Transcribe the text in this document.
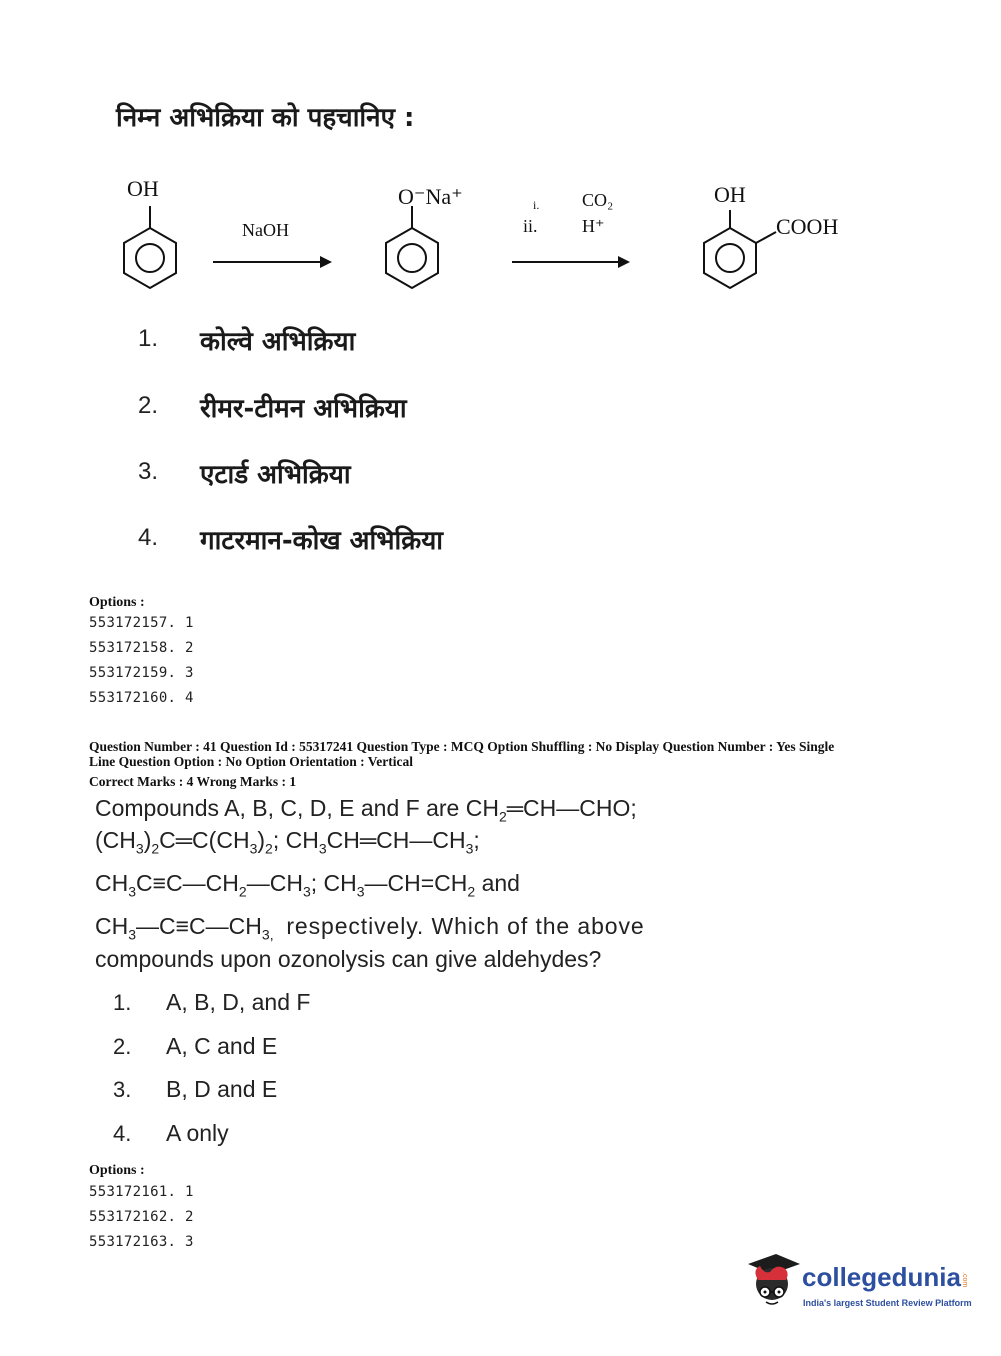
निम्न अभिक्रिया को पहचानिए :
OH
NaOH
O⁻Na⁺	i.
ii.
CO₂
H⁺
OH
COOH
1. कोल्वे अभिक्रिया
2. रीमर-टीमन अभिक्रिया
3. एटार्ड अभिक्रिया
4. गाटरमान-कोख अभिक्रिया
Options :
553172157. 1
553172158. 2
553172159. 3
553172160. 4
Question Number : 41 Question Id : 55317241 Question Type : MCQ Option Shuffling : No Display Question Number : Yes Single
Line Question Option : No Option Orientation : Vertical
Correct Marks : 4 Wrong Marks : 1
Compounds A, B, C, D, E and F are $CH_2═CH—CHO$;
$(CH_3)_2C═C(CH_3)_2$; $CH_3CH═CH—CH_3$;
$CH_3C\equiv C—CH_2—CH_3$; $CH_3—CH=CH_2$ and
$CH_3—C\equiv C—CH_{3,}$ respectively. Which of the above
compounds upon ozonolysis can give aldehydes?
1. A, B, D, and F
2. A, C and E
3. B, D and E
4. A only
Options :
553172161. 1
553172162. 2
553172163. 3
collegedunia .com
India's largest Student Review Platform
